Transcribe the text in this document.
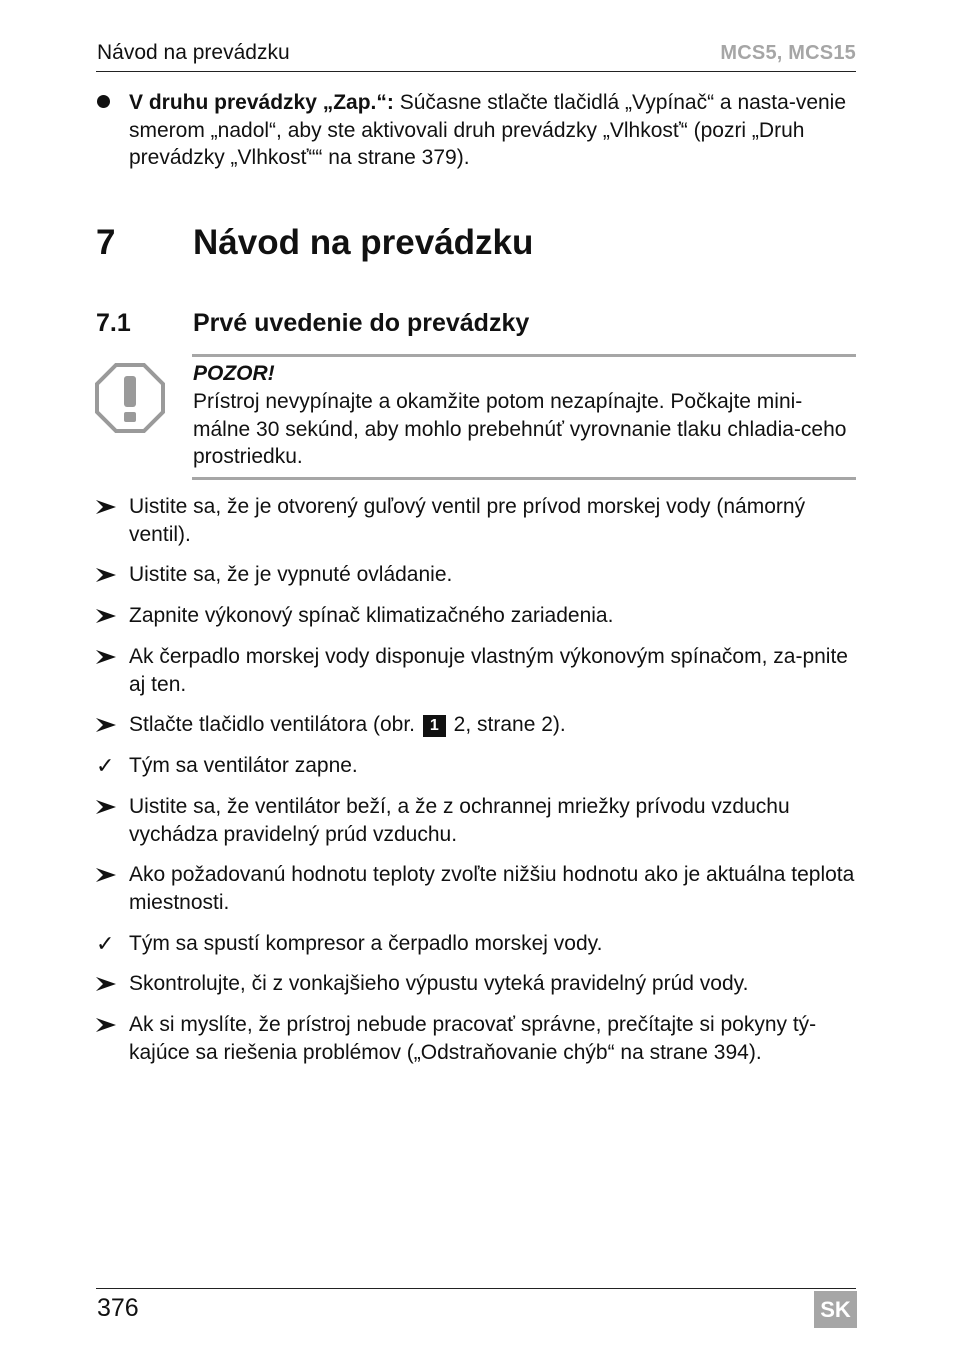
Návod na prevádzku	MCS5, MCS15
V druhu prevádzky „Zap.“: Súčasne stlačte tlačidlá „Vypínač“ a nasta-venie smerom „nadol“, aby ste aktivovali druh prevádzky „Vlhkosť“ (pozri „Druh prevádzky „Vlhkosť““ na strane 379).
7 Návod na prevádzku
7.1 Prvé uvedenie do prevádzky
POZOR!
Prístroj nevypínajte a okamžite potom nezapínajte. Počkajte mini-málne 30 sekúnd, aby mohlo prebehnúť vyrovnanie tlaku chladia-ceho prostriedku.
Uistite sa, že je otvorený guľový ventil pre prívod morskej vody (námorný ventil).
Uistite sa, že je vypnuté ovládanie.
Zapnite výkonový spínač klimatizačného zariadenia.
Ak čerpadlo morskej vody disponuje vlastným výkonovým spínačom, za-pnite aj ten.
Stlačte tlačidlo ventilátora (obr. 1 2, strane 2).
✓ Tým sa ventilátor zapne.
Uistite sa, že ventilátor beží, a že z ochrannej mriežky prívodu vzduchu vychádza pravidelný prúd vzduchu.
Ako požadovanú hodnotu teploty zvoľte nižšiu hodnotu ako je aktuálna teplota miestnosti.
✓ Tým sa spustí kompresor a čerpadlo morskej vody.
Skontrolujte, či z vonkajšieho výpustu vyteká pravidelný prúd vody.
Ak si myslíte, že prístroj nebude pracovať správne, prečítajte si pokyny tý-kajúce sa riešenia problémov („Odstraňovanie chýb“ na strane 394).
376	SK
